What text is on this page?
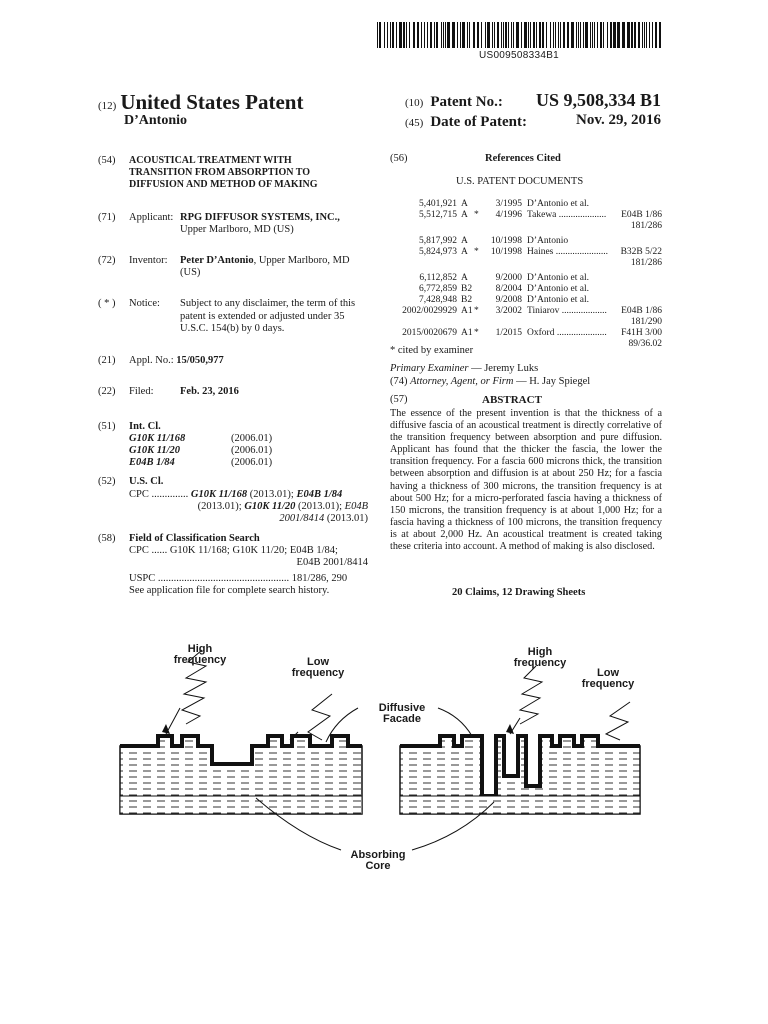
US009508334B1
(12) United States Patent
D’Antonio
(10) Patent No.: US 9,508,334 B1
(45) Date of Patent:	Nov. 29, 2016
(54) ACOUSTICAL TREATMENT WITH
TRANSITION FROM ABSORPTION TO
DIFFUSION AND METHOD OF MAKING
(71) Applicant: RPG DIFFUSOR SYSTEMS, INC.,
Upper Marlboro, MD (US)
(72) Inventor: Peter D’Antonio, Upper Marlboro, MD
(US)
( * ) Notice: Subject to any disclaimer, the term of this
patent is extended or adjusted under 35
U.S.C. 154(b) by 0 days.
(21) Appl. No.: 15/050,977
(22) Filed:	Feb. 23, 2016
(51) Int. Cl.
G10K 11/168	(2006.01)
G10K 11/20	(2006.01)
E04B 1/84	(2006.01)
(52) U.S. Cl.
CPC .............. G10K 11/168 (2013.01); E04B 1/84
(2013.01); G10K 11/20 (2013.01); E04B
2001/8414 (2013.01)
(58) Field of Classification Search
CPC ...... G10K 11/168; G10K 11/20; E04B 1/84;
E04B 2001/8414
USPC .................................................. 181/286, 290
See application file for complete search history.
(56)	References Cited
U.S. PATENT DOCUMENTS
5,401,921 A	3/1995 D’Antonio et al.
5,512,715 A *	4/1996 Takewa .................... E04B 1/86
181/286
5,817,992 A	10/1998 D’Antonio
5,824,973 A *	10/1998 Haines ...................... B32B 5/22
181/286
6,112,852 A	9/2000 D’Antonio et al.
6,772,859 B2	8/2004 D’Antonio et al.
7,428,948 B2	9/2008 D’Antonio et al.
2002/0029929 A1 *	3/2002 Tiniarov ................... E04B 1/86
181/290
2015/0020679 A1 *	1/2015 Oxford ..................... F41H 3/00
89/36.02
* cited by examiner
Primary Examiner — Jeremy Luks
(74) Attorney, Agent, or Firm — H. Jay Spiegel
(57)	ABSTRACT
The essence of the present invention is that the thickness of a diffusive fascia of an acoustical treatment is directly correlative of the transition frequency between absorption and pure diffusion. Applicant has found that the thicker the fascia, the lower the transition frequency. For a fascia 600 microns thick, the transition between absorption and diffusion is at about 250 Hz; for a fascia having a thickness of 300 microns, the transition frequency is at about 500 Hz; for a micro-perforated fascia having a thickness of 150 microns, the transition frequency is at about 1,000 Hz; for a fascia having a thickness of 100 microns, the transition frequency is at about 2,000 Hz. An acoustical treatment is created taking these criteria into account. A method of making is also disclosed.
20 Claims, 12 Drawing Sheets
High
frequency	Low
frequency
High
frequency
Low
frequency
Diffusive Facade
Absorbing Core
